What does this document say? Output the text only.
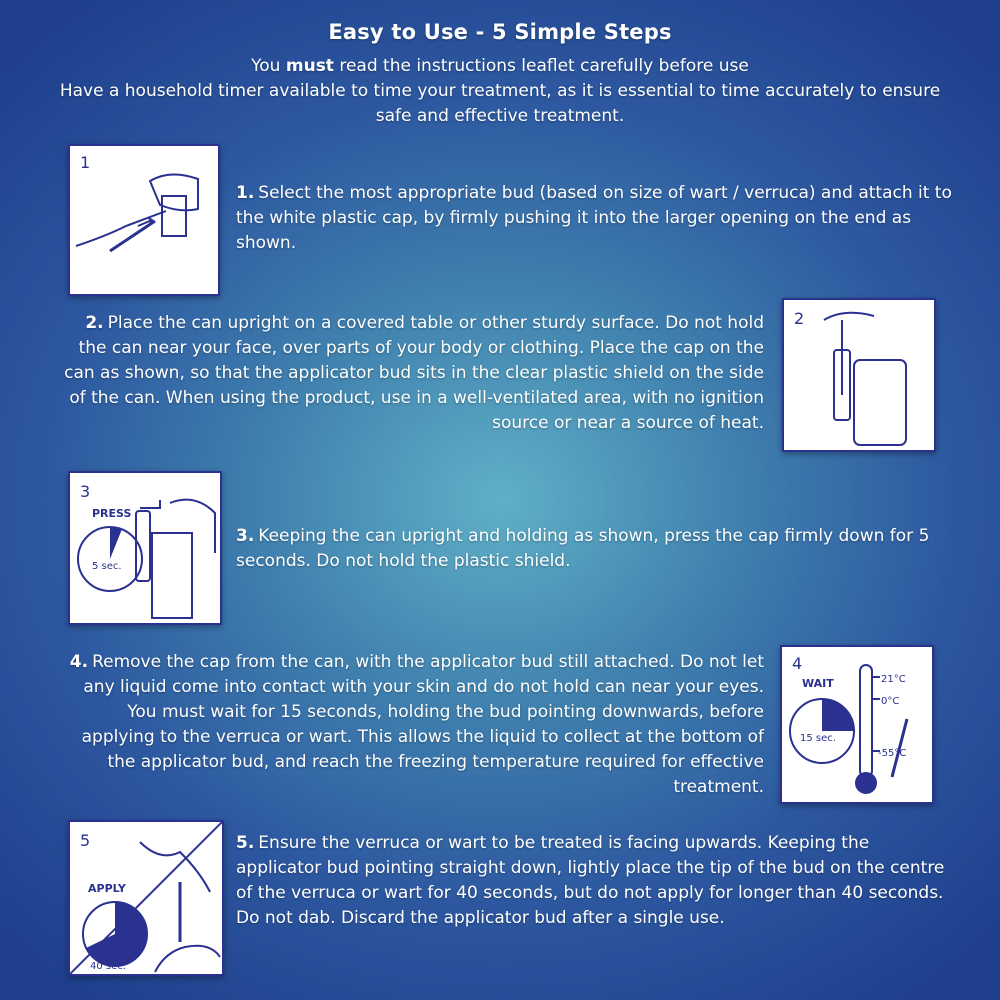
Easy to Use - 5 Simple Steps
You must read the instructions leaflet carefully before use
Have a household timer available to time your treatment, as it is essential to time accurately to ensure safe and effective treatment.
1
1. Select the most appropriate bud (based on size of wart / verruca) and attach it to the white plastic cap, by firmly pushing it into the larger opening on the end as shown.
2. Place the can upright on a covered table or other sturdy surface. Do not hold the can near your face, over parts of your body or clothing. Place the cap on the can as shown, so that the applicator bud sits in the clear plastic shield on the side of the can. When using the product, use in a well-ventilated area, with no ignition source or near a source of heat.
2
3
PRESS
5 sec.
3. Keeping the can upright and holding as shown, press the cap firmly down for 5 seconds. Do not hold the plastic shield.
4. Remove the cap from the can, with the applicator bud still attached. Do not let any liquid come into contact with your skin and do not hold can near your eyes. You must wait for 15 seconds, holding the bud pointing downwards, before applying to the verruca or wart. This allows the liquid to collect at the bottom of the applicator bud, and reach the freezing temperature required for effective treatment.
4
WAIT
15 sec.
21°C
0°C
-55°C
5
APPLY
40 sec.
5. Ensure the verruca or wart to be treated is facing upwards. Keeping the applicator bud pointing straight down, lightly place the tip of the bud on the centre of the verruca or wart for 40 seconds, but do not apply for longer than 40 seconds. Do not dab. Discard the applicator bud after a single use.
